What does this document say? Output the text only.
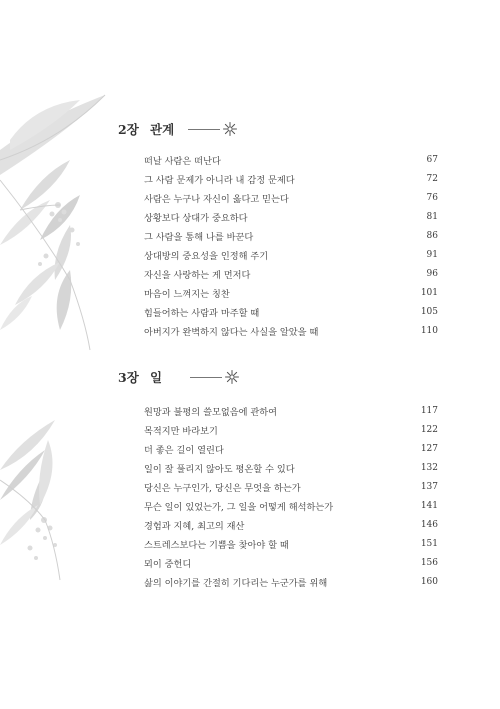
2장 관계
떠날 사람은 떠난다	67
그 사람 문제가 아니라 내 감정 문제다	72
사람은 누구나 자신이 옳다고 믿는다	76
상황보다 상대가 중요하다	81
그 사람을 통해 나를 바꾼다	86
상대방의 중요성을 인정해 주기	91
자신을 사랑하는 게 먼저다	96
마음이 느껴지는 칭찬	101
힘들어하는 사람과 마주할 때	105
아버지가 완벽하지 않다는 사실을 알았을 때	110
3장 일
원망과 불평의 쓸모없음에 관하여	117
목적지만 바라보기	122
더 좋은 길이 열린다	127
일이 잘 풀리지 않아도 평온할 수 있다	132
당신은 누구인가, 당신은 무엇을 하는가	137
무슨 일이 있었는가, 그 일을 어떻게 해석하는가	141
경험과 지혜, 최고의 재산	146
스트레스보다는 기쁨을 찾아야 할 때	151
뫼이 중헌디	156
삶의 이야기를 간절히 기다리는 누군가를 위해	160
